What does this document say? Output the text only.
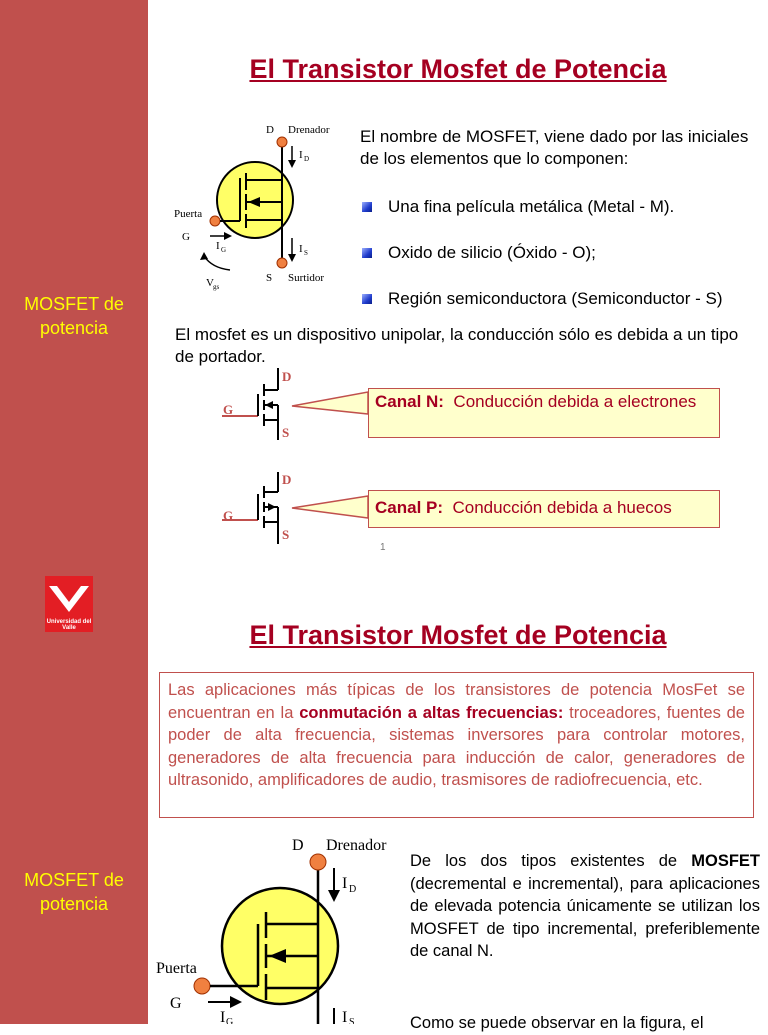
MOSFET de potencia
Universidad del Valle
MOSFET de potencia
El Transistor Mosfet de Potencia
D Drenador
I D
Puerta
G
I G	I S
S Surtidor
V gs
El nombre de MOSFET, viene dado por las iniciales de los elementos que lo componen:
Una fina película metálica (Metal - M).
Oxido de silicio (Óxido - O);
Región semiconductora (Semiconductor - S)
El mosfet es un dispositivo unipolar, la conducción sólo es debida a un tipo de portador.
G
D
S
Canal N: Conducción debida a electrones
G
D
S
Canal P: Conducción debida a huecos
1
El Transistor Mosfet de Potencia
Las aplicaciones más típicas de los transistores de potencia MosFet se encuentran en la conmutación a altas frecuencias: troceadores, fuentes de poder de alta frecuencia, sistemas inversores para controlar motores, generadores de alta frecuencia para inducción de calor, generadores de ultrasonido, amplificadores de audio, trasmisores de radiofrecuencia, etc.
D Drenador
I D
Puerta
G
I G	I S
De los dos tipos existentes de MOSFET (decremental e incremental), para aplicaciones de elevada potencia únicamente se utilizan los MOSFET de tipo incremental, preferiblemente de canal N.
Como se puede observar en la figura, el
